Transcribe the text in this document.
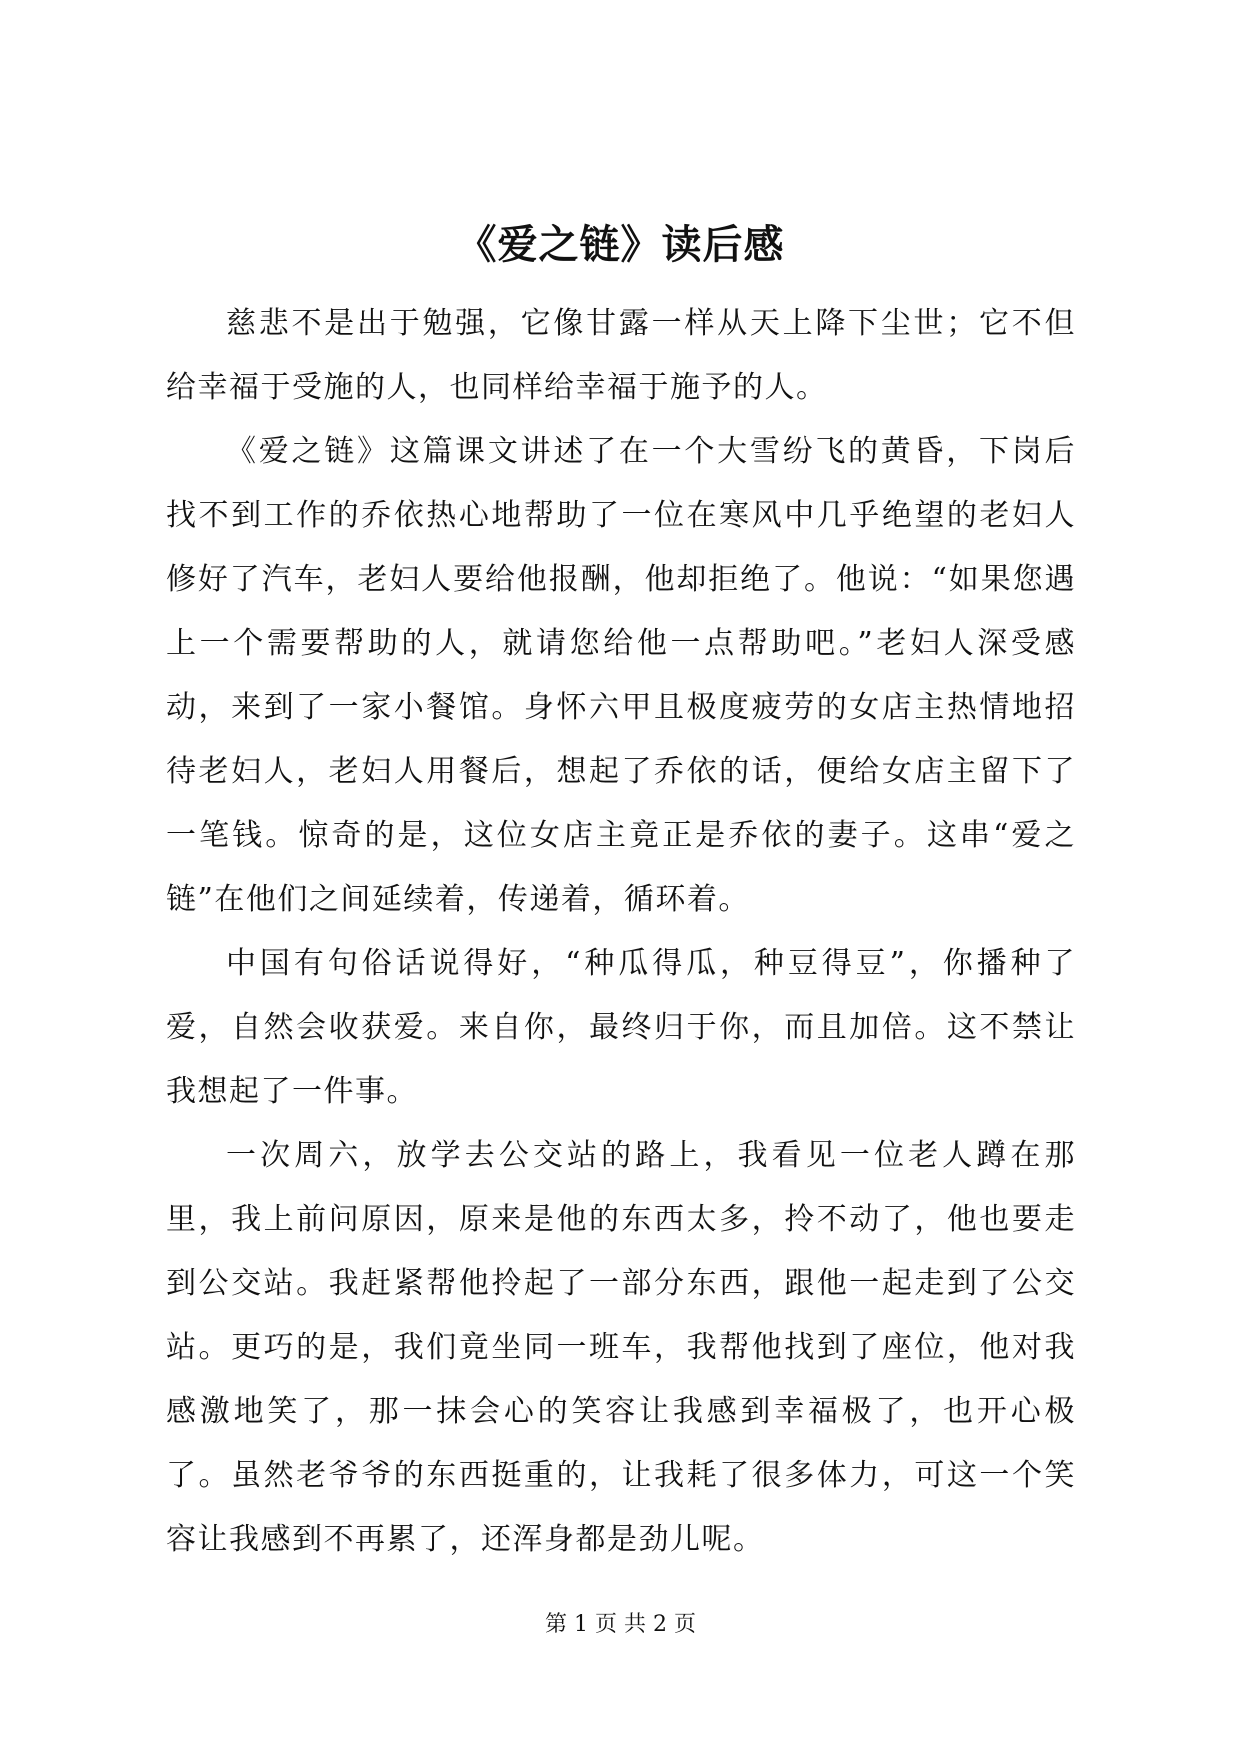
《爱之链》读后感

慈悲不是出于勉强，它像甘露一样从天上降下尘世；它不但给幸福于受施的人，也同样给幸福于施予的人。

《爱之链》这篇课文讲述了在一个大雪纷飞的黄昏，下岗后找不到工作的乔依热心地帮助了一位在寒风中几乎绝望的老妇人修好了汽车，老妇人要给他报酬，他却拒绝了。他说：“如果您遇上一个需要帮助的人，就请您给他一点帮助吧。”老妇人深受感动，来到了一家小餐馆。身怀六甲且极度疲劳的女店主热情地招待老妇人，老妇人用餐后，想起了乔依的话，便给女店主留下了一笔钱。惊奇的是，这位女店主竟正是乔依的妻子。这串“爱之链”在他们之间延续着，传递着，循环着。

中国有句俗话说得好，“种瓜得瓜，种豆得豆”，你播种了爱，自然会收获爱。来自你，最终归于你，而且加倍。这不禁让我想起了一件事。

一次周六，放学去公交站的路上，我看见一位老人蹲在那里，我上前问原因，原来是他的东西太多，拎不动了，他也要走到公交站。我赶紧帮他拎起了一部分东西，跟他一起走到了公交站。更巧的是，我们竟坐同一班车，我帮他找到了座位，他对我感激地笑了，那一抹会心的笑容让我感到幸福极了，也开心极了。虽然老爷爷的东西挺重的，让我耗了很多体力，可这一个笑容让我感到不再累了，还浑身都是劲儿呢。

第 1 页 共 2 页
